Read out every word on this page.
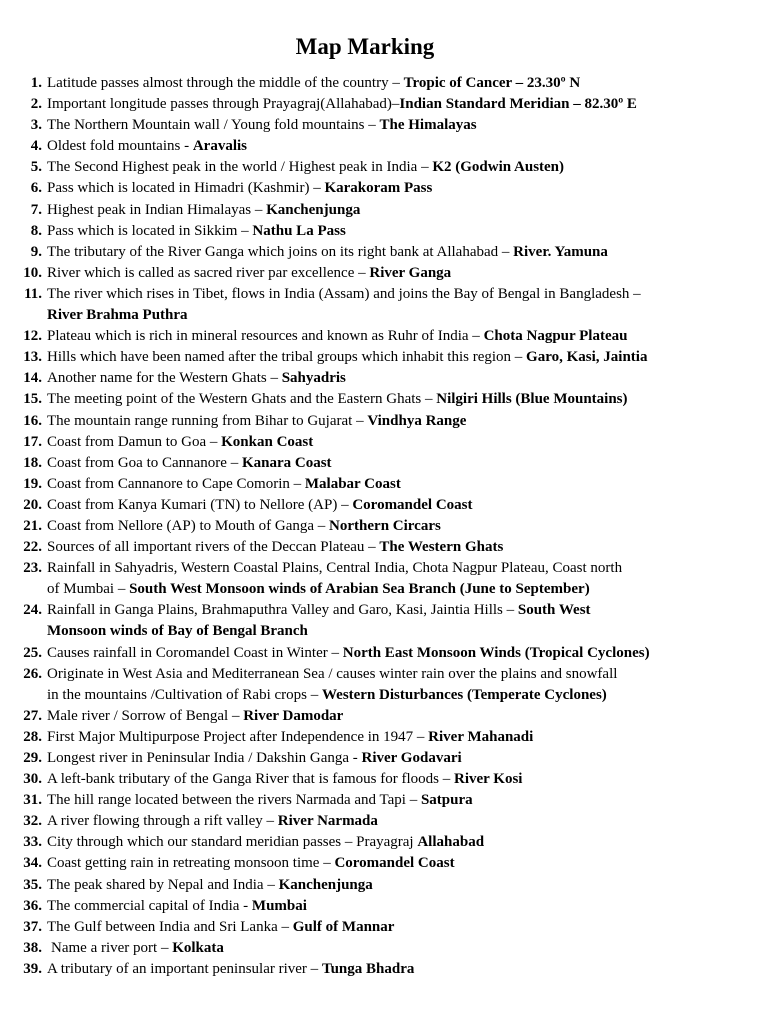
Map Marking
1. Latitude passes almost through the middle of the country – Tropic of Cancer – 23.30º N
2. Important longitude passes through Prayagraj(Allahabad)–Indian Standard Meridian – 82.30º E
3. The Northern Mountain wall / Young fold mountains – The Himalayas
4. Oldest fold mountains - Aravalis
5. The Second Highest peak in the world / Highest peak in India – K2 (Godwin Austen)
6. Pass which is located in Himadri (Kashmir) – Karakoram Pass
7. Highest peak in Indian Himalayas – Kanchenjunga
8. Pass which is located in Sikkim – Nathu La Pass
9. The tributary of the River Ganga which joins on its right bank at Allahabad – River. Yamuna
10. River which is called as sacred river par excellence – River Ganga
11. The river which rises in Tibet, flows in India (Assam) and joins the Bay of Bengal in Bangladesh –
River Brahma Puthra
12. Plateau which is rich in mineral resources and known as Ruhr of India – Chota Nagpur Plateau
13. Hills which have been named after the tribal groups which inhabit this region – Garo, Kasi, Jaintia
14. Another name for the Western Ghats – Sahyadris
15. The meeting point of the Western Ghats and the Eastern Ghats – Nilgiri Hills (Blue Mountains)
16. The mountain range running from Bihar to Gujarat – Vindhya Range
17. Coast from Damun to Goa – Konkan Coast
18. Coast from Goa to Cannanore – Kanara Coast
19. Coast from Cannanore to Cape Comorin – Malabar Coast
20. Coast from Kanya Kumari (TN) to Nellore (AP) – Coromandel Coast
21. Coast from Nellore (AP) to Mouth of Ganga – Northern Circars
22. Sources of all important rivers of the Deccan Plateau – The Western Ghats
23. Rainfall in Sahyadris, Western Coastal Plains, Central India, Chota Nagpur Plateau, Coast north
of Mumbai – South West Monsoon winds of Arabian Sea Branch (June to September)
24. Rainfall in Ganga Plains, Brahmaputhra Valley and Garo, Kasi, Jaintia Hills – South West
Monsoon winds of Bay of Bengal Branch
25. Causes rainfall in Coromandel Coast in Winter – North East Monsoon Winds (Tropical Cyclones)
26. Originate in West Asia and Mediterranean Sea / causes winter rain over the plains and snowfall
in the mountains /Cultivation of Rabi crops – Western Disturbances (Temperate Cyclones)
27. Male river / Sorrow of Bengal – River Damodar
28. First Major Multipurpose Project after Independence in 1947 – River Mahanadi
29. Longest river in Peninsular India / Dakshin Ganga - River Godavari
30. A left-bank tributary of the Ganga River that is famous for floods – River Kosi
31. The hill range located between the rivers Narmada and Tapi – Satpura
32. A river flowing through a rift valley – River Narmada
33. City through which our standard meridian passes – Prayagraj Allahabad
34. Coast getting rain in retreating monsoon time – Coromandel Coast
35. The peak shared by Nepal and India – Kanchenjunga
36. The commercial capital of India - Mumbai
37. The Gulf between India and Sri Lanka – Gulf of Mannar
38. Name a river port – Kolkata
39. A tributary of an important peninsular river – Tunga Bhadra
